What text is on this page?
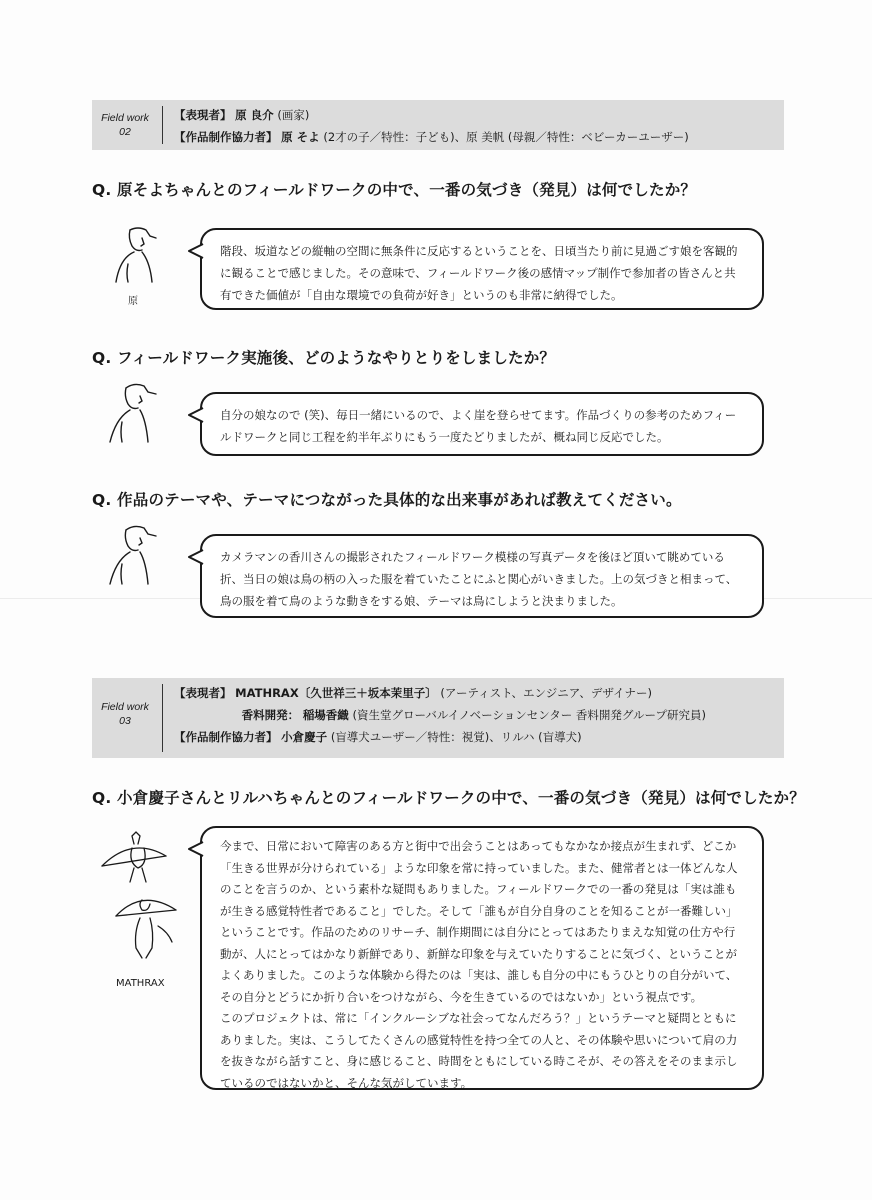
Field work
02
【表現者】 原 良介 (画家)
【作品制作協力者】 原 そよ (2才の子／特性：子ども)、原 美帆 (母親／特性：ベビーカーユーザー)
Q. 原そよちゃんとのフィールドワークの中で、一番の気づき（発見）は何でしたか？
原
階段、坂道などの縦軸の空間に無条件に反応するということを、日頃当たり前に見過ごす娘を客観的に観ることで感じました。その意味で、フィールドワーク後の感情マップ制作で参加者の皆さんと共有できた価値が「自由な環境での負荷が好き」というのも非常に納得でした。
Q. フィールドワーク実施後、どのようなやりとりをしましたか？
自分の娘なので (笑)、毎日一緒にいるので、よく崖を登らせてます。作品づくりの参考のためフィールドワークと同じ工程を約半年ぶりにもう一度たどりましたが、概ね同じ反応でした。
Q. 作品のテーマや、テーマにつながった具体的な出来事があれば教えてください。
カメラマンの香川さんの撮影されたフィールドワーク模様の写真データを後ほど頂いて眺めている折、当日の娘は鳥の柄の入った服を着ていたことにふと関心がいきました。上の気づきと相まって、鳥の服を着て鳥のような動きをする娘、テーマは鳥にしようと決まりました。
Field work
03
【表現者】 MATHRAX〔久世祥三＋坂本茉里子〕 (アーティスト、エンジニア、デザイナー)
香料開発： 稲場香織 (資生堂グローバルイノベーションセンター 香料開発グループ研究員)
【作品制作協力者】 小倉慶子 (盲導犬ユーザー／特性：視覚)、リルハ (盲導犬)
Q. 小倉慶子さんとリルハちゃんとのフィールドワークの中で、一番の気づき（発見）は何でしたか？
MATHRAX
今まで、日常において障害のある方と街中で出会うことはあってもなかなか接点が生まれず、どこか「生きる世界が分けられている」ような印象を常に持っていました。また、健常者とは一体どんな人のことを言うのか、という素朴な疑問もありました。フィールドワークでの一番の発見は「実は誰もが生きる感覚特性者であること」でした。そして「誰もが自分自身のことを知ることが一番難しい」ということです。作品のためのリサーチ、制作期間には自分にとってはあたりまえな知覚の仕方や行動が、人にとってはかなり新鮮であり、新鮮な印象を与えていたりすることに気づく、ということがよくありました。このような体験から得たのは「実は、誰しも自分の中にもうひとりの自分がいて、その自分とどうにか折り合いをつけながら、今を生きているのではないか」という視点です。
このプロジェクトは、常に「インクルーシブな社会ってなんだろう？」というテーマと疑問とともにありました。実は、こうしてたくさんの感覚特性を持つ全ての人と、その体験や思いについて肩の力を抜きながら話すこと、身に感じること、時間をともにしている時こそが、その答えをそのまま示しているのではないかと、そんな気がしています。
